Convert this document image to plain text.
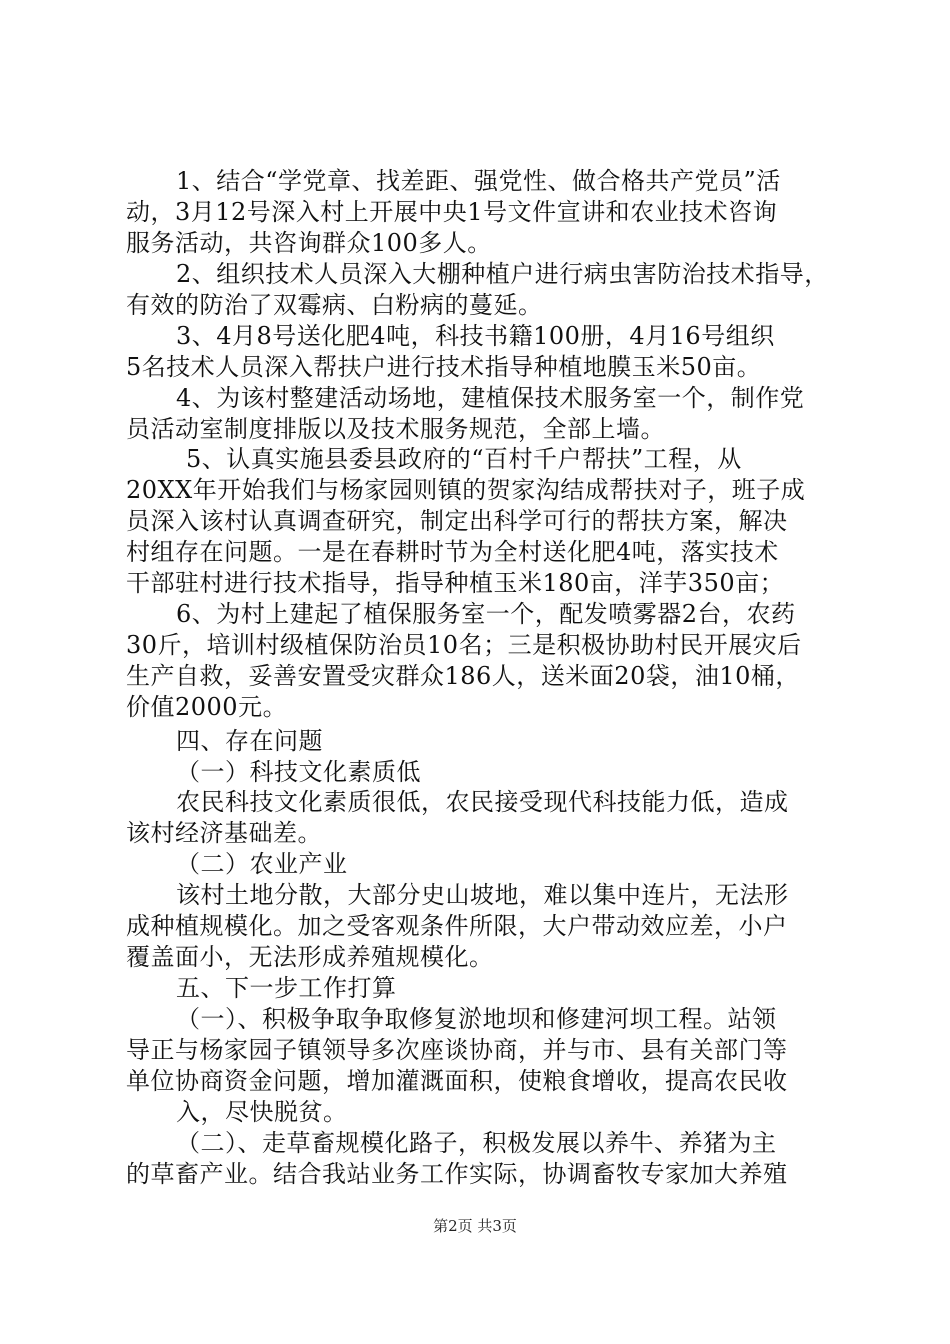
1、结合“学党章、找差距、强党性、做合格共产党员”活
动，3月12号深入村上开展中央1号文件宣讲和农业技术咨询
服务活动，共咨询群众100多人。
2、组织技术人员深入大棚种植户进行病虫害防治技术指导，
有效的防治了双霉病、白粉病的蔓延。
3、4月8号送化肥4吨，科技书籍100册，4月16号组织
5名技术人员深入帮扶户进行技术指导种植地膜玉米50亩。
4、为该村整建活动场地，建植保技术服务室一个，制作党
员活动室制度排版以及技术服务规范，全部上墙。
5、认真实施县委县政府的“百村千户帮扶”工程，从
20XX年开始我们与杨家园则镇的贺家沟结成帮扶对子，班子成
员深入该村认真调查研究，制定出科学可行的帮扶方案，解决
村组存在问题。一是在春耕时节为全村送化肥4吨，落实技术
干部驻村进行技术指导，指导种植玉米180亩，洋芋350亩；
6、为村上建起了植保服务室一个，配发喷雾器2台，农药
30斤，培训村级植保防治员10名；三是积极协助村民开展灾后
生产自救，妥善安置受灾群众186人，送米面20袋，油10桶，
价值2000元。
四、存在问题
（一）科技文化素质低
农民科技文化素质很低，农民接受现代科技能力低，造成
该村经济基础差。
（二）农业产业
该村土地分散，大部分史山坡地，难以集中连片，无法形
成种植规模化。加之受客观条件所限，大户带动效应差，小户
覆盖面小，无法形成养殖规模化。
五、下一步工作打算
（一）、积极争取争取修复淤地坝和修建河坝工程。站领
导正与杨家园子镇领导多次座谈协商，并与市、县有关部门等
单位协商资金问题，增加灌溉面积，使粮食增收，提高农民收
入，尽快脱贫。
（二）、走草畜规模化路子，积极发展以养牛、养猪为主
的草畜产业。结合我站业务工作实际，协调畜牧专家加大养殖
第2页 共3页
